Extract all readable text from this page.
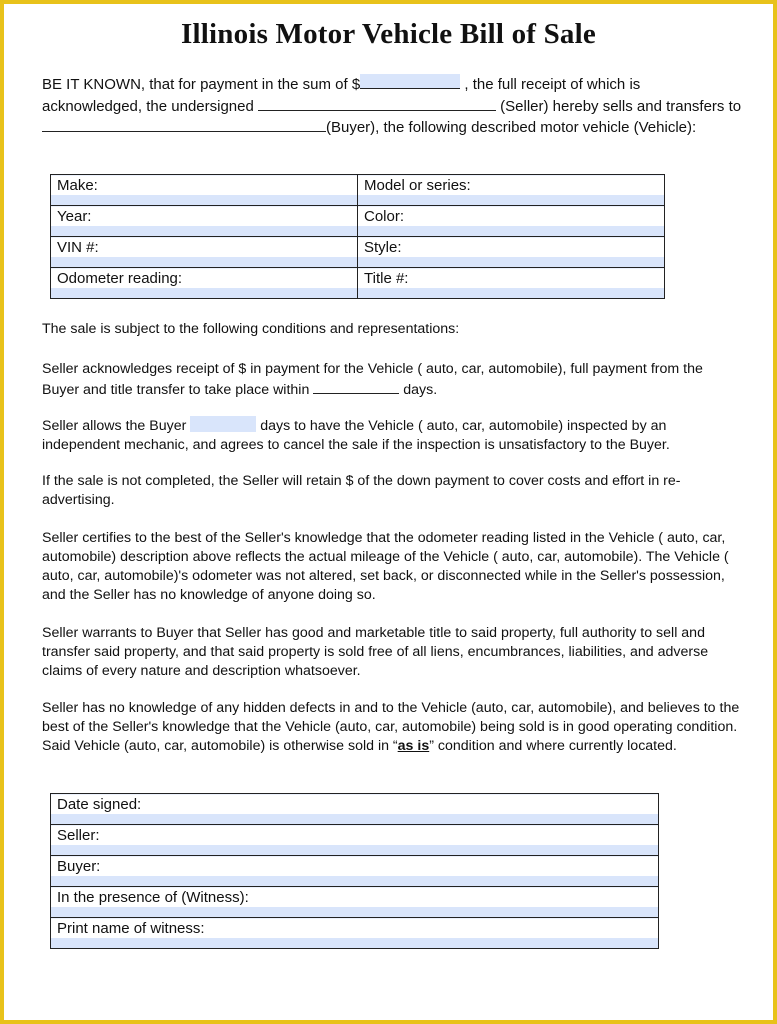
Illinois Motor Vehicle Bill of Sale
BE IT KNOWN, that for payment in the sum of $	, the full receipt of which is acknowledged, the undersigned	(Seller) hereby sells and transfers to(Buyer), the following described motor vehicle (Vehicle):
Make:	Model or series:
Year:	Color:
VIN #:	Style:
Odometer reading:	Title #:
The sale is subject to the following conditions and representations:
Seller acknowledges receipt of $ in payment for the Vehicle ( auto, car, automobile), full payment from the Buyer and title transfer to take place within	days.
Seller allows the Buyer	days to have the Vehicle ( auto, car, automobile) inspected by an independent mechanic, and agrees to cancel the sale if the inspection is unsatisfactory to the Buyer.
If the sale is not completed, the Seller will retain $ of the down payment to cover costs and effort in re-advertising.
Seller certifies to the best of the Seller's knowledge that the odometer reading listed in the Vehicle ( auto, car, automobile) description above reflects the actual mileage of the Vehicle ( auto, car, automobile). The Vehicle ( auto, car, automobile)'s odometer was not altered, set back, or disconnected while in the Seller's possession, and the Seller has no knowledge of anyone doing so.
Seller warrants to Buyer that Seller has good and marketable title to said property, full authority to sell and transfer said property, and that said property is sold free of all liens, encumbrances, liabilities, and adverse claims of every nature and description whatsoever.
Seller has no knowledge of any hidden defects in and to the Vehicle (auto, car, automobile), and believes to the best of the Seller's knowledge that the Vehicle (auto, car, automobile) being sold is in good operating condition. Said Vehicle (auto, car, automobile) is otherwise sold in “as is” condition and where currently located.
Date signed:
Seller:
Buyer:
In the presence of (Witness):
Print name of witness:
